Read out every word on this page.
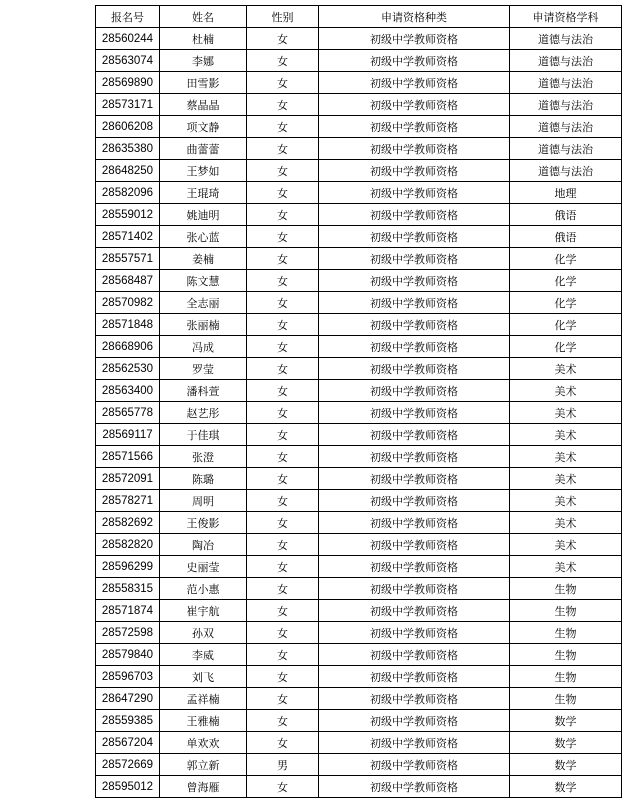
报名号	姓名	性别	申请资格种类	申请资格学科
28560244	杜楠	女	初级中学教师资格	道德与法治
28563074	李娜	女	初级中学教师资格	道德与法治
28569890	田雪影	女	初级中学教师资格	道德与法治
28573171	蔡晶晶	女	初级中学教师资格	道德与法治
28606208	项文静	女	初级中学教师资格	道德与法治
28635380	曲蕾蕾	女	初级中学教师资格	道德与法治
28648250	王梦如	女	初级中学教师资格	道德与法治
28582096	王琨琦	女	初级中学教师资格	地理
28559012	姚迪明	女	初级中学教师资格	俄语
28571402	张心蓝	女	初级中学教师资格	俄语
28557571	姜楠	女	初级中学教师资格	化学
28568487	陈文慧	女	初级中学教师资格	化学
28570982	全志丽	女	初级中学教师资格	化学
28571848	张丽楠	女	初级中学教师资格	化学
28668906	冯成	女	初级中学教师资格	化学
28562530	罗莹	女	初级中学教师资格	美术
28563400	潘科萱	女	初级中学教师资格	美术
28565778	赵艺彤	女	初级中学教师资格	美术
28569117	于佳琪	女	初级中学教师资格	美术
28571566	张澄	女	初级中学教师资格	美术
28572091	陈璐	女	初级中学教师资格	美术
28578271	周明	女	初级中学教师资格	美术
28582692	王俊影	女	初级中学教师资格	美术
28582820	陶冶	女	初级中学教师资格	美术
28596299	史丽莹	女	初级中学教师资格	美术
28558315	范小惠	女	初级中学教师资格	生物
28571874	崔宇航	女	初级中学教师资格	生物
28572598	孙双	女	初级中学教师资格	生物
28579840	李威	女	初级中学教师资格	生物
28596703	刘飞	女	初级中学教师资格	生物
28647290	孟祥楠	女	初级中学教师资格	生物
28559385	王雅楠	女	初级中学教师资格	数学
28567204	单欢欢	女	初级中学教师资格	数学
28572669	郭立新	男	初级中学教师资格	数学
28595012	曾海雁	女	初级中学教师资格	数学
